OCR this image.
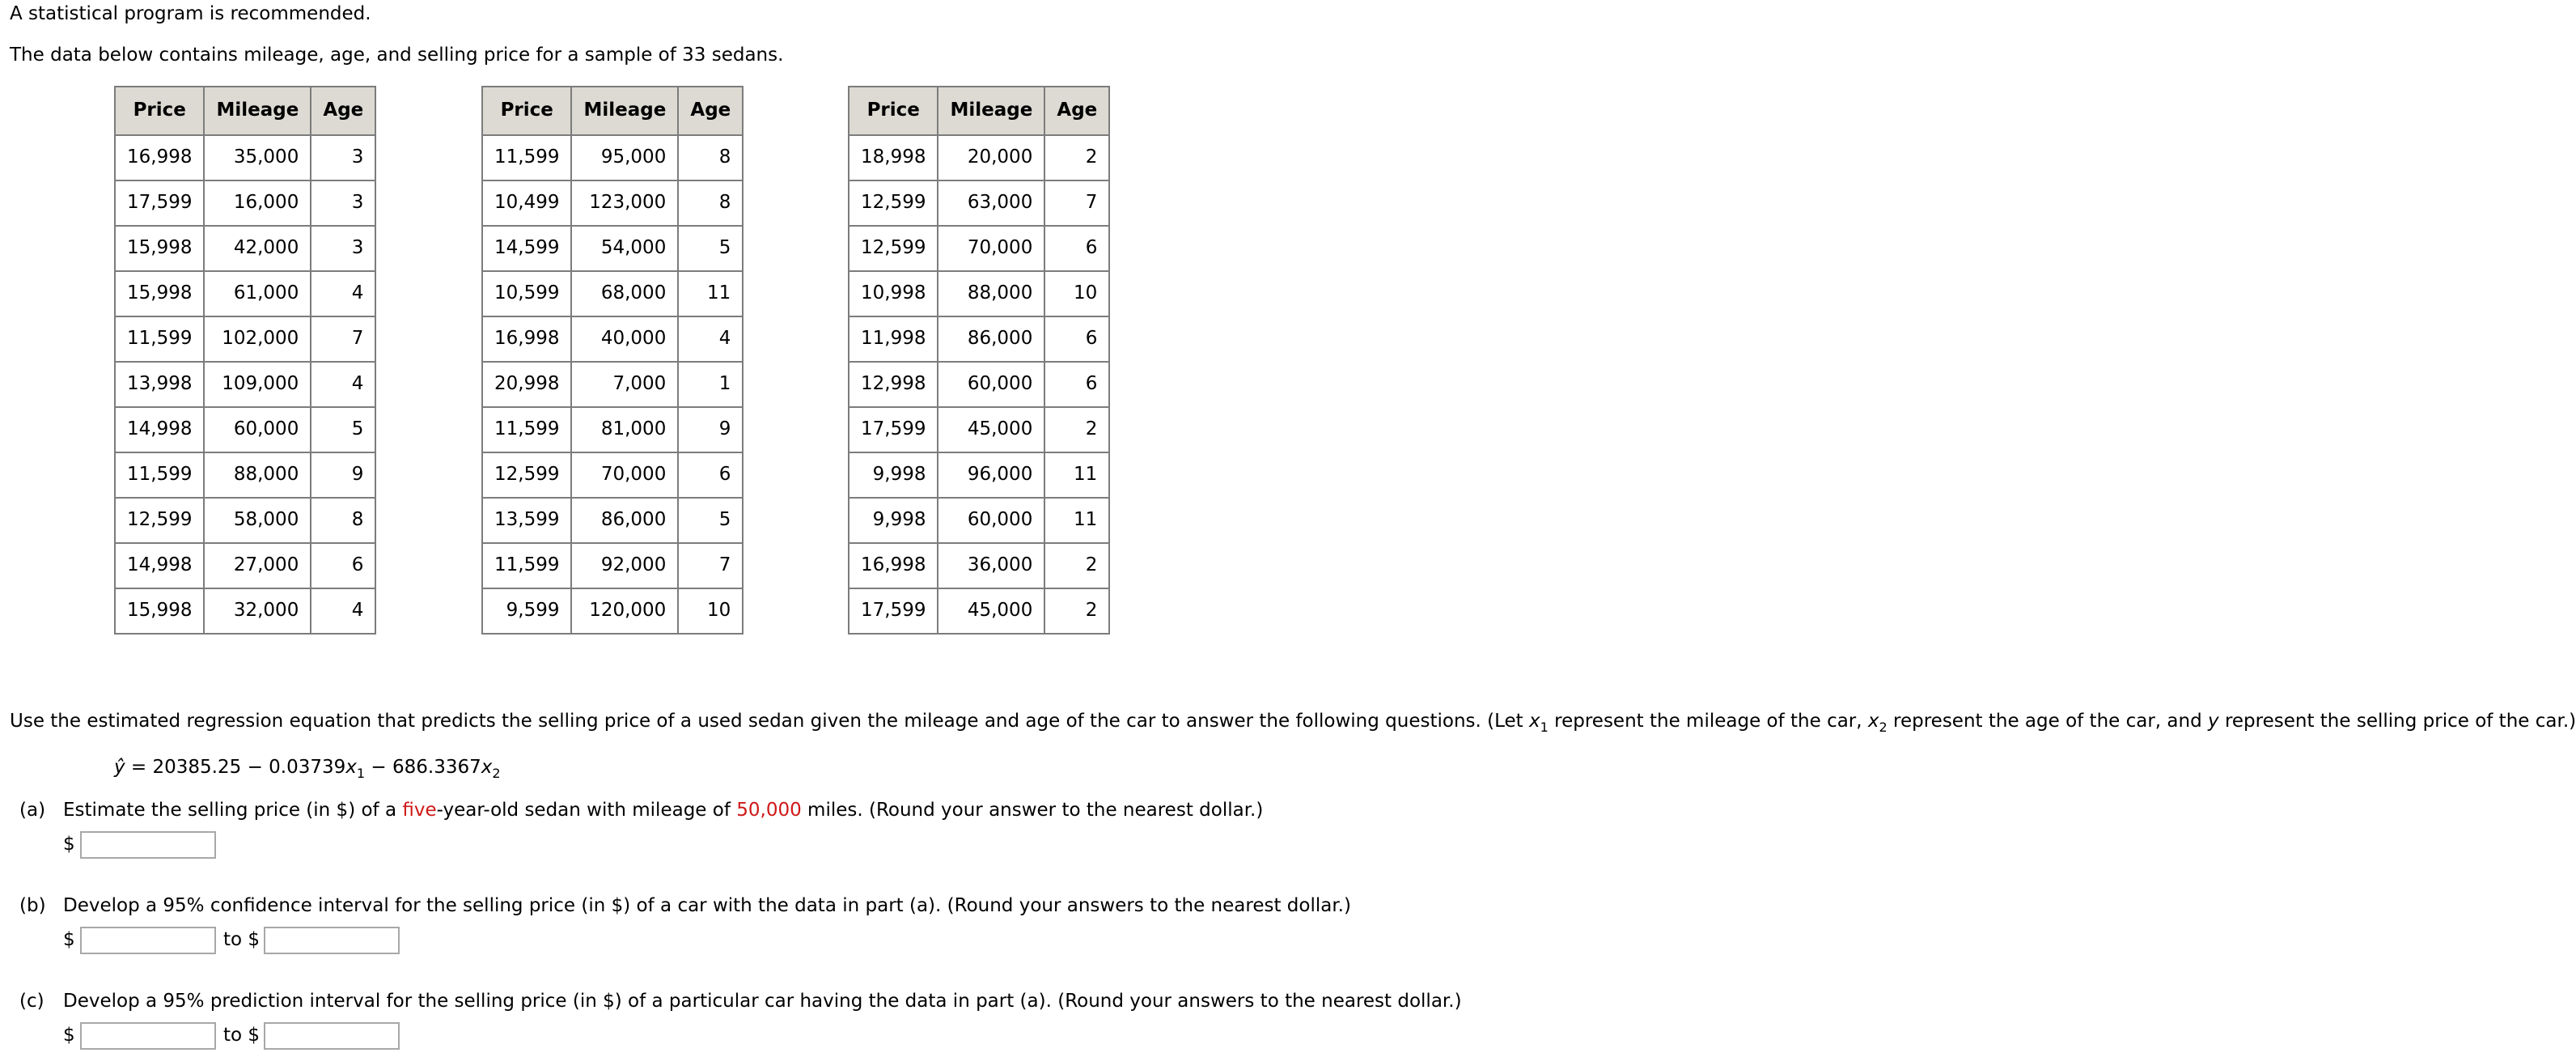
A statistical program is recommended.
The data below contains mileage, age, and selling price for a sample of 33 sedans.
Price	Mileage	Age
16,998	35,000	3
17,599	16,000	3
15,998	42,000	3
15,998	61,000	4
11,599	102,000	7
13,998	109,000	4
14,998	60,000	5
11,599	88,000	9
12,599	58,000	8
14,998	27,000	6
15,998	32,000	4
Price	Mileage	Age
11,599	95,000	8
10,499	123,000	8
14,599	54,000	5
10,599	68,000	11
16,998	40,000	4
20,998	7,000	1
11,599	81,000	9
12,599	70,000	6
13,599	86,000	5
11,599	92,000	7
9,599	120,000	10
Price	Mileage	Age
18,998	20,000	2
12,599	63,000	7
12,599	70,000	6
10,998	88,000	10
11,998	86,000	6
12,998	60,000	6
17,599	45,000	2
9,998	96,000	11
9,998	60,000	11
16,998	36,000	2
17,599	45,000	2
Use the estimated regression equation that predicts the selling price of a used sedan given the mileage and age of the car to answer the following questions. (Let $x_1$ represent the mileage of the car, $x_2$ represent the age of the car, and y represent the selling price of the car.)
ŷ = $20385.25 - 0.03739x_1 - 686.3367x_2$
(a) Estimate the selling price (in $) of a five-year-old sedan with mileage of 50,000 miles. (Round your answer to the nearest dollar.)
$
(b) Develop a 95% confidence interval for the selling price (in $) of a car with the data in part (a). (Round your answers to the nearest dollar.)
$	to $
(c) Develop a 95% prediction interval for the selling price (in $) of a particular car having the data in part (a). (Round your answers to the nearest dollar.)
$	to $
